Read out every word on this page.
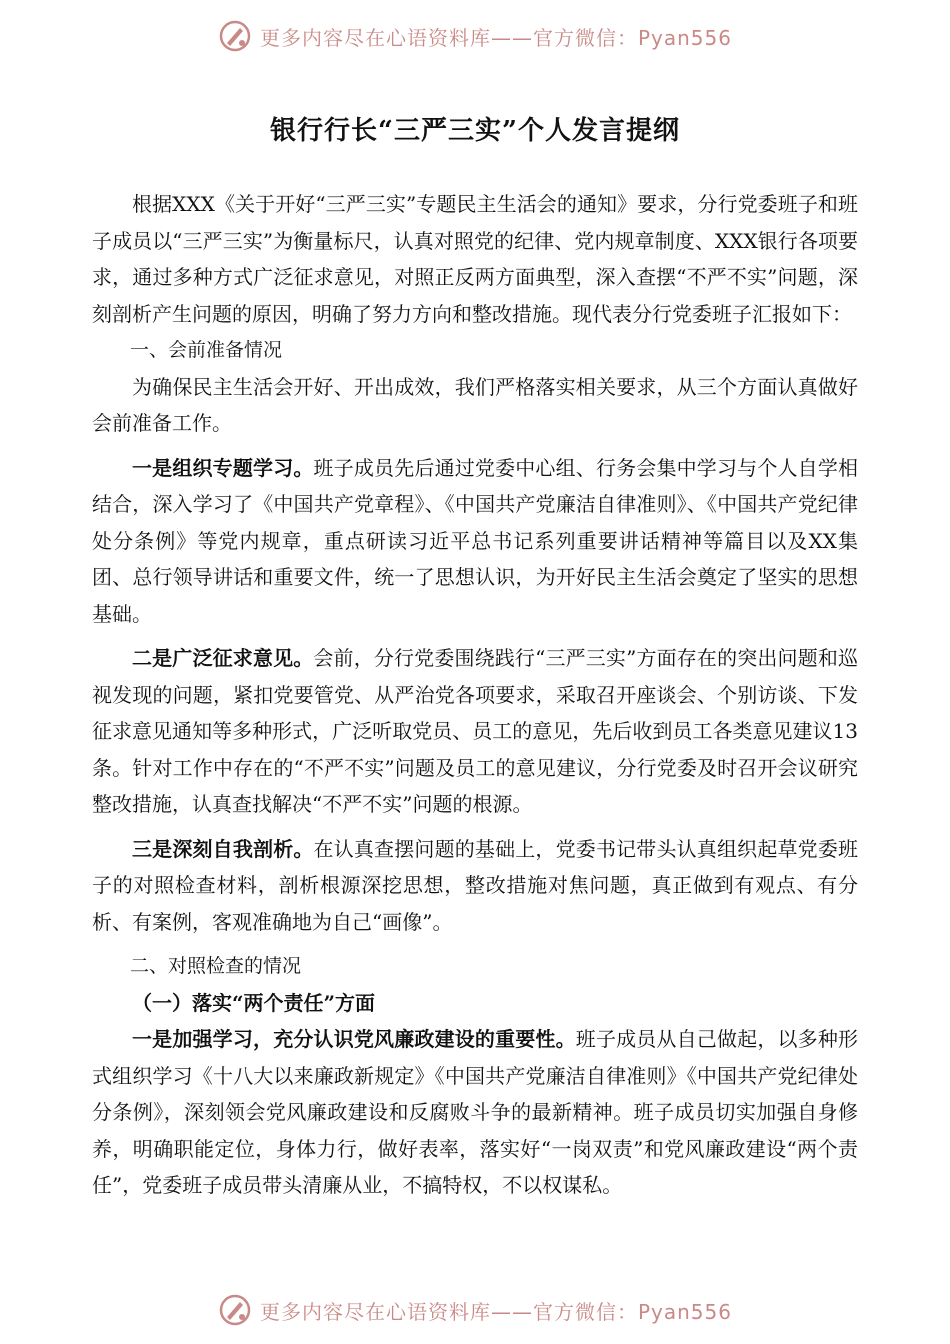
更多内容尽在心语资料库——官方微信：Pyan556
银行行长“三严三实”个人发言提纲

根据XXX《关于开好“三严三实”专题民主生活会的通知》要求，分行党委班子和班子成员以“三严三实”为衡量标尺，认真对照党的纪律、党内规章制度、XXX银行各项要求，通过多种方式广泛征求意见，对照正反两方面典型，深入查摆“不严不实”问题，深刻剖析产生问题的原因，明确了努力方向和整改措施。现代表分行党委班子汇报如下：

一、会前准备情况

为确保民主生活会开好、开出成效，我们严格落实相关要求，从三个方面认真做好会前准备工作。

一是组织专题学习。班子成员先后通过党委中心组、行务会集中学习与个人自学相结合，深入学习了《中国共产党章程》、《中国共产党廉洁自律准则》、《中国共产党纪律处分条例》等党内规章，重点研读习近平总书记系列重要讲话精神等篇目以及XX集团、总行领导讲话和重要文件，统一了思想认识，为开好民主生活会奠定了坚实的思想基础。

二是广泛征求意见。会前，分行党委围绕践行“三严三实”方面存在的突出问题和巡视发现的问题，紧扣党要管党、从严治党各项要求，采取召开座谈会、个别访谈、下发征求意见通知等多种形式，广泛听取党员、员工的意见，先后收到员工各类意见建议13条。针对工作中存在的“不严不实”问题及员工的意见建议，分行党委及时召开会议研究整改措施，认真查找解决“不严不实”问题的根源。

三是深刻自我剖析。在认真查摆问题的基础上，党委书记带头认真组织起草党委班子的对照检查材料，剖析根源深挖思想，整改措施对焦问题，真正做到有观点、有分析、有案例，客观准确地为自己“画像”。

二、对照检查的情况

（一）落实“两个责任”方面

一是加强学习，充分认识党风廉政建设的重要性。班子成员从自己做起，以多种形式组织学习《十八大以来廉政新规定》《中国共产党廉洁自律准则》《中国共产党纪律处分条例》，深刻领会党风廉政建设和反腐败斗争的最新精神。班子成员切实加强自身修养，明确职能定位，身体力行，做好表率，落实好“一岗双责”和党风廉政建设“两个责任”，党委班子成员带头清廉从业，不搞特权，不以权谋私。

更多内容尽在心语资料库——官方微信：Pyan556
